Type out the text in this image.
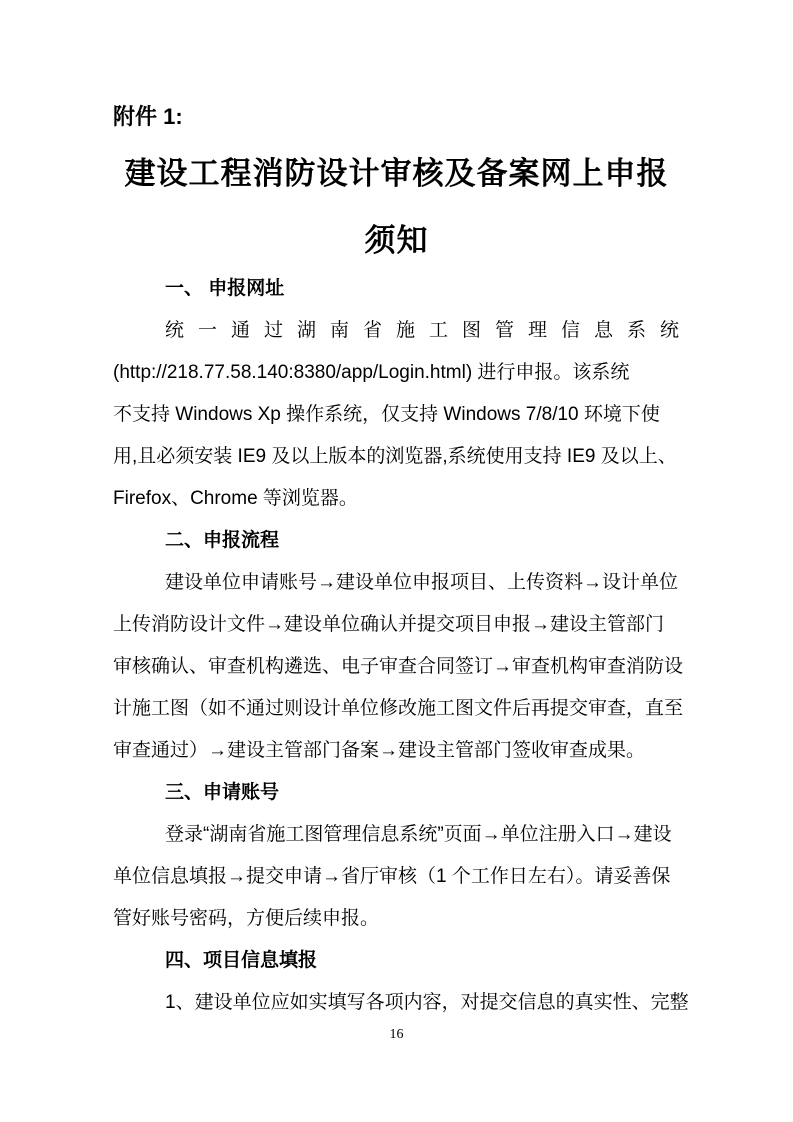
附件 1:
建设工程消防设计审核及备案网上申报
须知
一、 申报网址
统一通过湖南省施工图管理信息系统
(http://218.77.58.140:8380/app/Login.html) 进行申报。该系统
不支持 Windows Xp 操作系统，仅支持 Windows 7/8/10 环境下使
用,且必须安装 IE9 及以上版本的浏览器,系统使用支持 IE9 及以上、
Firefox、Chrome 等浏览器。
二、申报流程
建设单位申请账号→建设单位申报项目、上传资料→设计单位
上传消防设计文件→建设单位确认并提交项目申报→建设主管部门
审核确认、审查机构遴选、电子审查合同签订→审查机构审查消防设
计施工图（如不通过则设计单位修改施工图文件后再提交审查，直至
审查通过）→建设主管部门备案→建设主管部门签收审查成果。
三、申请账号
登录“湖南省施工图管理信息系统”页面→单位注册入口→建设
单位信息填报→提交申请→省厅审核（1 个工作日左右）。请妥善保
管好账号密码，方便后续申报。
四、项目信息填报
1、建设单位应如实填写各项内容，对提交信息的真实性、完整
16
